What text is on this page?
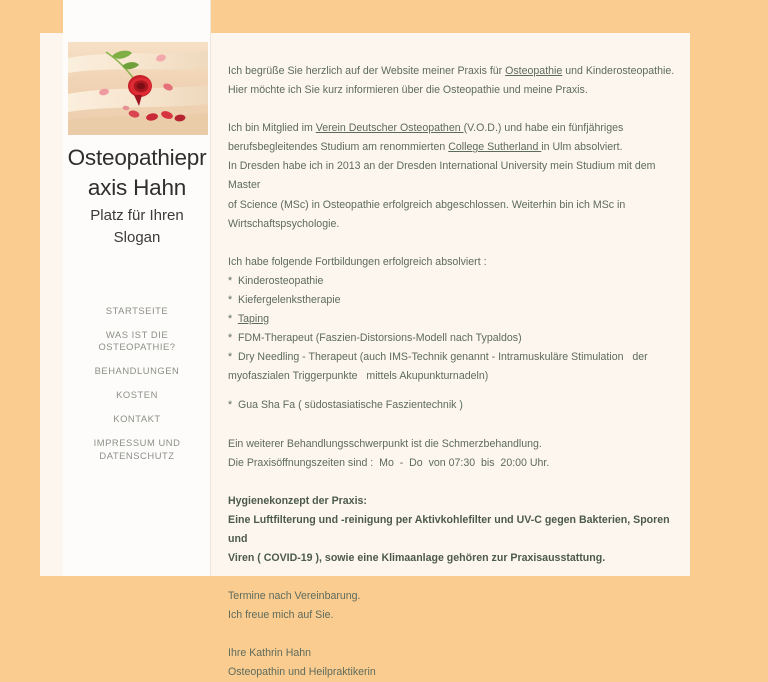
Osteopathiepraxis Hahn
Platz für Ihren Slogan
STARTSEITE
WAS IST DIE OSTEOPATHIE?
BEHANDLUNGEN
KOSTEN
KONTAKT
IMPRESSUM UND DATENSCHUTZ

Ich begrüße Sie herzlich auf der Website meiner Praxis für Osteopathie und Kinderosteopathie.

Hier möchte ich Sie kurz informieren über die Osteopathie und meine Praxis.

Ich bin Mitglied im Verein Deutscher Osteopathen (V.O.D.) und habe ein fünfjähriges

berufsbegleitendes Studium am renommierten College Sutherland in Ulm absolviert.

In Dresden habe ich in 2013 an der Dresden International University mein Studium mit dem Master

of Science (MSc) in Osteopathie erfolgreich abgeschlossen. Weiterhin bin ich MSc in

Wirtschaftspsychologie.

Ich habe folgende Fortbildungen erfolgreich absolviert :

*  Kinderosteopathie

*  Kiefergelenkstherapie

*  Taping

*  FDM-Therapeut (Faszien-Distorsions-Modell nach Typaldos)

*  Dry Needling - Therapeut (auch IMS-Technik genannt - Intramuskuläre Stimulation   der

myofaszialen Triggerpunkte   mittels Akupunkturnadeln)

*  Gua Sha Fa ( südostasiatische Faszientechnik )

Ein weiterer Behandlungsschwerpunkt ist die Schmerzbehandlung.

Die Praxisöffnungszeiten sind :  Mo  -  Do  von 07:30  bis  20:00 Uhr.

Hygienekonzept der Praxis:

Eine Luftfilterung und -reinigung per Aktivkohlefilter und UV-C gegen Bakterien, Sporen und

Viren ( COVID-19 ), sowie eine Klimaanlage gehören zur Praxisausstattung.

Termine nach Vereinbarung.

Ich freue mich auf Sie.

Ihre Kathrin Hahn

Osteopathin und Heilpraktikerin
